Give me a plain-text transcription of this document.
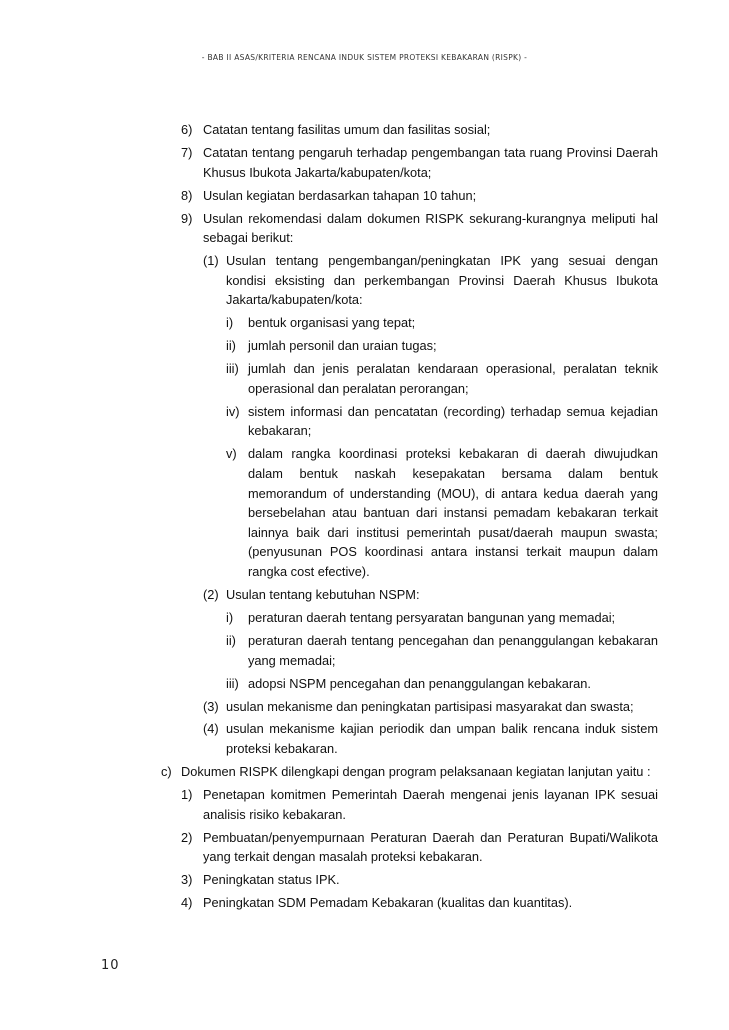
- BAB II ASAS/KRITERIA RENCANA INDUK SISTEM PROTEKSI KEBAKARAN (RISPK) -
6) Catatan tentang fasilitas umum dan fasilitas sosial;
7) Catatan tentang pengaruh terhadap pengembangan tata ruang Provinsi Daerah Khusus Ibukota Jakarta/kabupaten/kota;
8) Usulan kegiatan berdasarkan tahapan 10 tahun;
9) Usulan rekomendasi dalam dokumen RISPK sekurang-kurangnya meliputi hal sebagai berikut:
(1) Usulan tentang pengembangan/peningkatan IPK yang sesuai dengan kondisi eksisting dan perkembangan Provinsi Daerah Khusus Ibukota Jakarta/kabupaten/kota:
i) bentuk organisasi yang tepat;
ii) jumlah personil dan uraian tugas;
iii) jumlah dan jenis peralatan kendaraan operasional, peralatan teknik operasional dan peralatan perorangan;
iv) sistem informasi dan pencatatan (recording) terhadap semua kejadian kebakaran;
v) dalam rangka koordinasi proteksi kebakaran di daerah diwujudkan dalam bentuk naskah kesepakatan bersama dalam bentuk memorandum of understanding (MOU), di antara kedua daerah yang bersebelahan atau bantuan dari instansi pemadam kebakaran terkait lainnya baik dari institusi pemerintah pusat/daerah maupun swasta; (penyusunan POS koordinasi antara instansi terkait maupun dalam rangka cost efective).
(2) Usulan tentang kebutuhan NSPM:
i) peraturan daerah tentang persyaratan bangunan yang memadai;
ii) peraturan daerah tentang pencegahan dan penanggulangan kebakaran yang memadai;
iii) adopsi NSPM pencegahan dan penanggulangan kebakaran.
(3) usulan mekanisme dan peningkatan partisipasi masyarakat dan swasta;
(4) usulan mekanisme kajian periodik dan umpan balik rencana induk sistem proteksi kebakaran.
c) Dokumen RISPK dilengkapi dengan program pelaksanaan kegiatan lanjutan yaitu :
1) Penetapan komitmen Pemerintah Daerah mengenai jenis layanan IPK sesuai analisis risiko kebakaran.
2) Pembuatan/penyempurnaan Peraturan Daerah dan Peraturan Bupati/Walikota yang terkait dengan masalah proteksi kebakaran.
3) Peningkatan status IPK.
4) Peningkatan SDM Pemadam Kebakaran (kualitas dan kuantitas).
10
